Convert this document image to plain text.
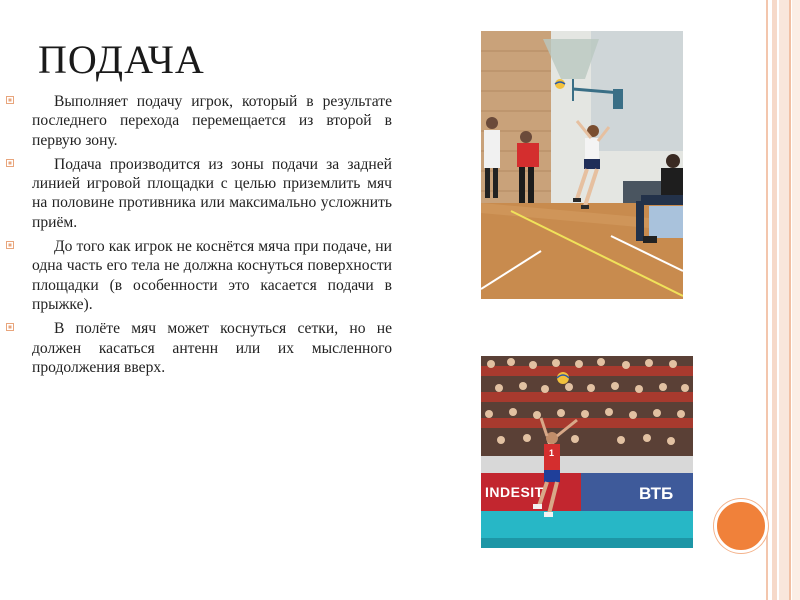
ПОДАЧА
Выполняет подачу игрок, который в результате последнего перехода перемещается из второй в первую зону.
Подача производится из зоны подачи за задней линией игровой площадки с целью приземлить мяч на половине противника или максимально усложнить приём.
До того как игрок не коснётся мяча при подаче, ни одна часть его тела не должна коснуться поверхности площадки (в особенности это касается подачи в прыжке).
В полёте мяч может коснуться сетки, но не должен касаться антенн или их мысленного продолжения вверх.
INDESIT	ВТБ
1
